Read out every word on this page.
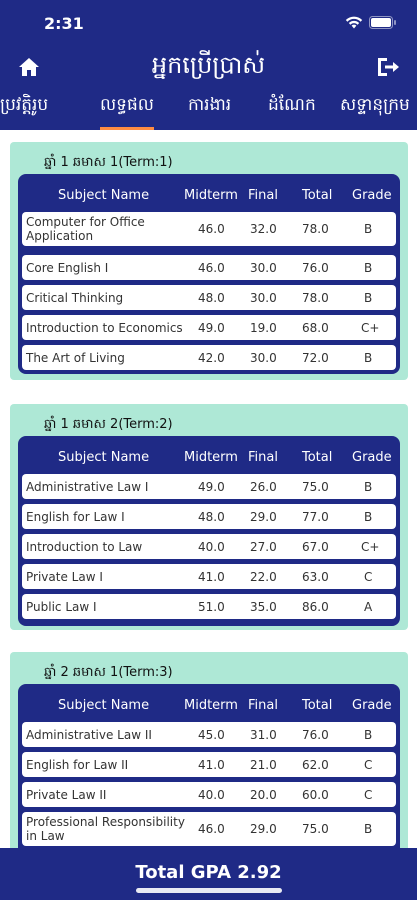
2:31
អ្នកប្រើប្រាស់
ប្រវត្តិរូប	លទ្ធផល ការងារ ដំណែក សទ្ទានុក្រម
ឆ្នាំ 1 ឆមាស 1(Term:1)
Subject Name	Midterm Final Total Grade
Computer for Office Application	46.0 32.0 78.0	B
Core English I	46.0 30.0 76.0	B
Critical Thinking	48.0 30.0 78.0	B
Introduction to Economics	49.0 19.0 68.0	C+
The Art of Living	42.0 30.0 72.0	B
ឆ្នាំ 1 ឆមាស 2(Term:2)
Subject Name	Midterm Final Total Grade
Administrative Law I	49.0 26.0 75.0	B
English for Law I	48.0 29.0 77.0	B
Introduction to Law	40.0 27.0 67.0	C+
Private Law I	41.0 22.0 63.0	C
Public Law I	51.0 35.0 86.0	A
ឆ្នាំ 2 ឆមាស 1(Term:3)
Subject Name	Midterm Final Total Grade
Administrative Law II	45.0 31.0 76.0	B
English for Law II	41.0 21.0 62.0	C
Private Law II	40.0 20.0 60.0	C
Professional Responsibility in Law	46.0 29.0 75.0	B
Total GPA 2.92
